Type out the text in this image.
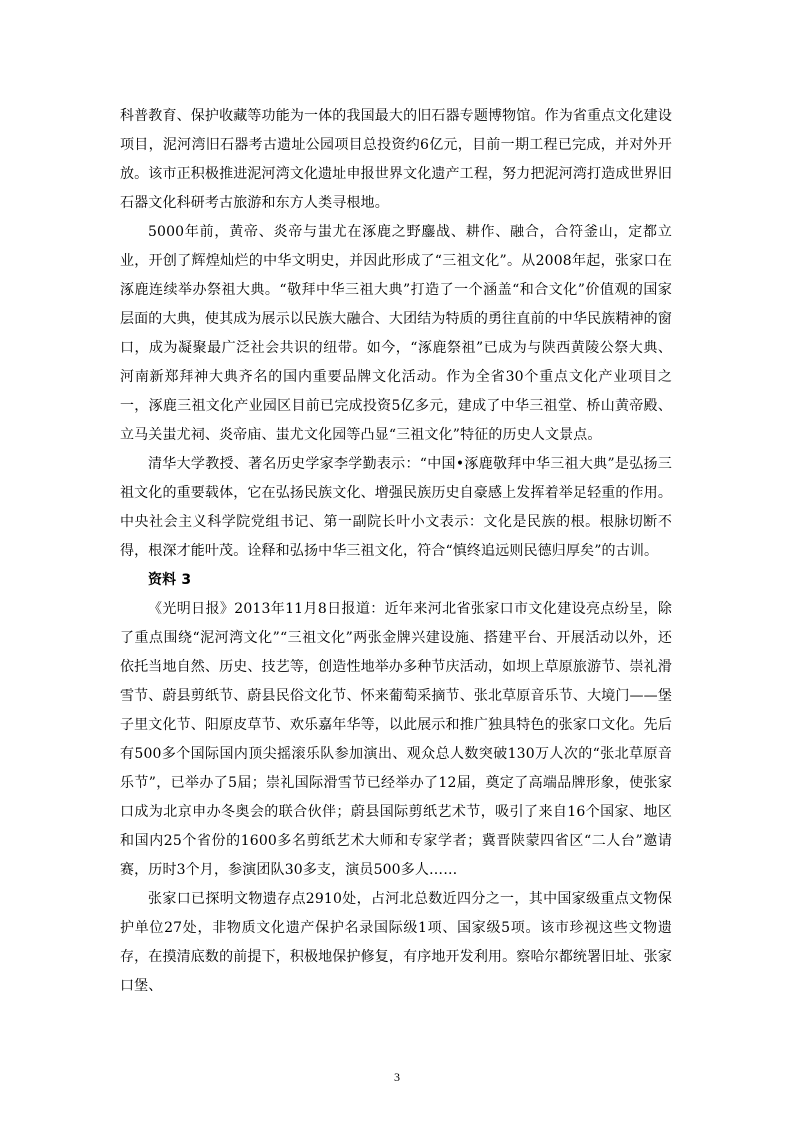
科普教育、保护收藏等功能为一体的我国最大的旧石器专题博物馆。作为省重点文化建设项目，泥河湾旧石器考古遗址公园项目总投资约6亿元，目前一期工程已完成，并对外开放。该市正积极推进泥河湾文化遗址申报世界文化遗产工程，努力把泥河湾打造成世界旧石器文化科研考古旅游和东方人类寻根地。

5000年前，黄帝、炎帝与蚩尤在涿鹿之野鏖战、耕作、融合，合符釜山，定都立业，开创了辉煌灿烂的中华文明史，并因此形成了“三祖文化”。从2008年起，张家口在涿鹿连续举办祭祖大典。“敬拜中华三祖大典”打造了一个涵盖“和合文化”价值观的国家层面的大典，使其成为展示以民族大融合、大团结为特质的勇往直前的中华民族精神的窗口，成为凝聚最广泛社会共识的纽带。如今，“涿鹿祭祖”已成为与陕西黄陵公祭大典、河南新郑拜神大典齐名的国内重要品牌文化活动。作为全省30个重点文化产业项目之一，涿鹿三祖文化产业园区目前已完成投资5亿多元，建成了中华三祖堂、桥山黄帝殿、立马关蚩尤祠、炎帝庙、蚩尤文化园等凸显“三祖文化”特征的历史人文景点。

清华大学教授、著名历史学家李学勤表示：“中国•涿鹿敬拜中华三祖大典”是弘扬三祖文化的重要载体，它在弘扬民族文化、增强民族历史自豪感上发挥着举足轻重的作用。中央社会主义科学院党组书记、第一副院长叶小文表示：文化是民族的根。根脉切断不得，根深才能叶茂。诠释和弘扬中华三祖文化，符合“慎终追远则民德归厚矣”的古训。

资料 3

《光明日报》2013年11月8日报道：近年来河北省张家口市文化建设亮点纷呈，除了重点围绕“泥河湾文化”“三祖文化”两张金牌兴建设施、搭建平台、开展活动以外，还依托当地自然、历史、技艺等，创造性地举办多种节庆活动，如坝上草原旅游节、崇礼滑雪节、蔚县剪纸节、蔚县民俗文化节、怀来葡萄采摘节、张北草原音乐节、大境门——堡子里文化节、阳原皮草节、欢乐嘉年华等，以此展示和推广独具特色的张家口文化。先后有500多个国际国内顶尖摇滚乐队参加演出、观众总人数突破130万人次的“张北草原音乐节”，已举办了5届；崇礼国际滑雪节已经举办了12届，奠定了高端品牌形象，使张家口成为北京申办冬奥会的联合伙伴；蔚县国际剪纸艺术节，吸引了来自16个国家、地区和国内25个省份的1600多名剪纸艺术大师和专家学者；冀晋陕蒙四省区“二人台”邀请赛，历时3个月，参演团队30多支，演员500多人……

张家口已探明文物遗存点2910处，占河北总数近四分之一，其中国家级重点文物保护单位27处，非物质文化遗产保护名录国际级1项、国家级5项。该市珍视这些文物遗存，在摸清底数的前提下，积极地保护修复，有序地开发利用。察哈尔都统署旧址、张家口堡、

3
